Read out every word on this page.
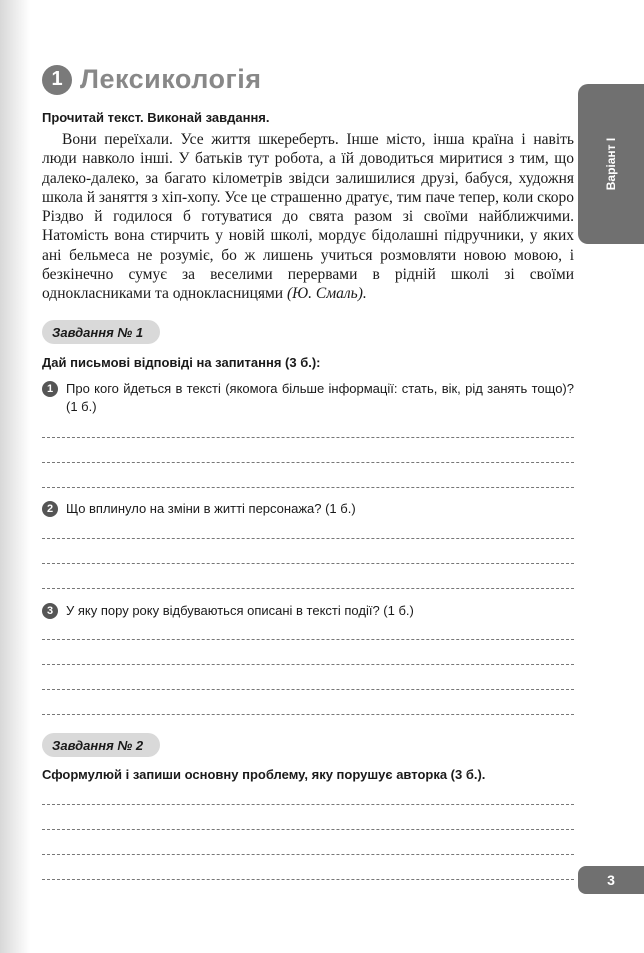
1 Лексикологія
Прочитай текст. Виконай завдання.

Вони переїхали. Усе життя шкереберть. Інше місто, інша країна і навіть люди навколо інші. У батьків тут робота, а їй доводиться миритися з тим, що далеко-далеко, за багато кілометрів звідси залишилися друзі, бабуся, художня школа й заняття з хіп-хопу. Усе це страшенно дратує, тим паче тепер, коли скоро Різдво й годилося б готуватися до свята разом зі своїми найближчими. Натомість вона стирчить у новій школі, мордує бідолашні підручники, у яких ані бельмеса не розуміє, бо ж лишень учиться розмовляти новою мовою, і безкінечно сумує за веселими перервами в рідній школі зі своїми однокласниками та однокласницями (Ю. Смаль).

Завдання № 1
Дай письмові відповіді на запитання (3 б.):
1 Про кого йдеться в тексті (якомога більше інформації: стать, вік, рід занять тощо)? (1 б.)
2 Що вплинуло на зміни в житті персонажа? (1 б.)
3 У яку пору року відбуваються описані в тексті події? (1 б.)
Завдання № 2
Сформулюй і запиши основну проблему, яку порушує авторка (3 б.).
Варіант I
3
